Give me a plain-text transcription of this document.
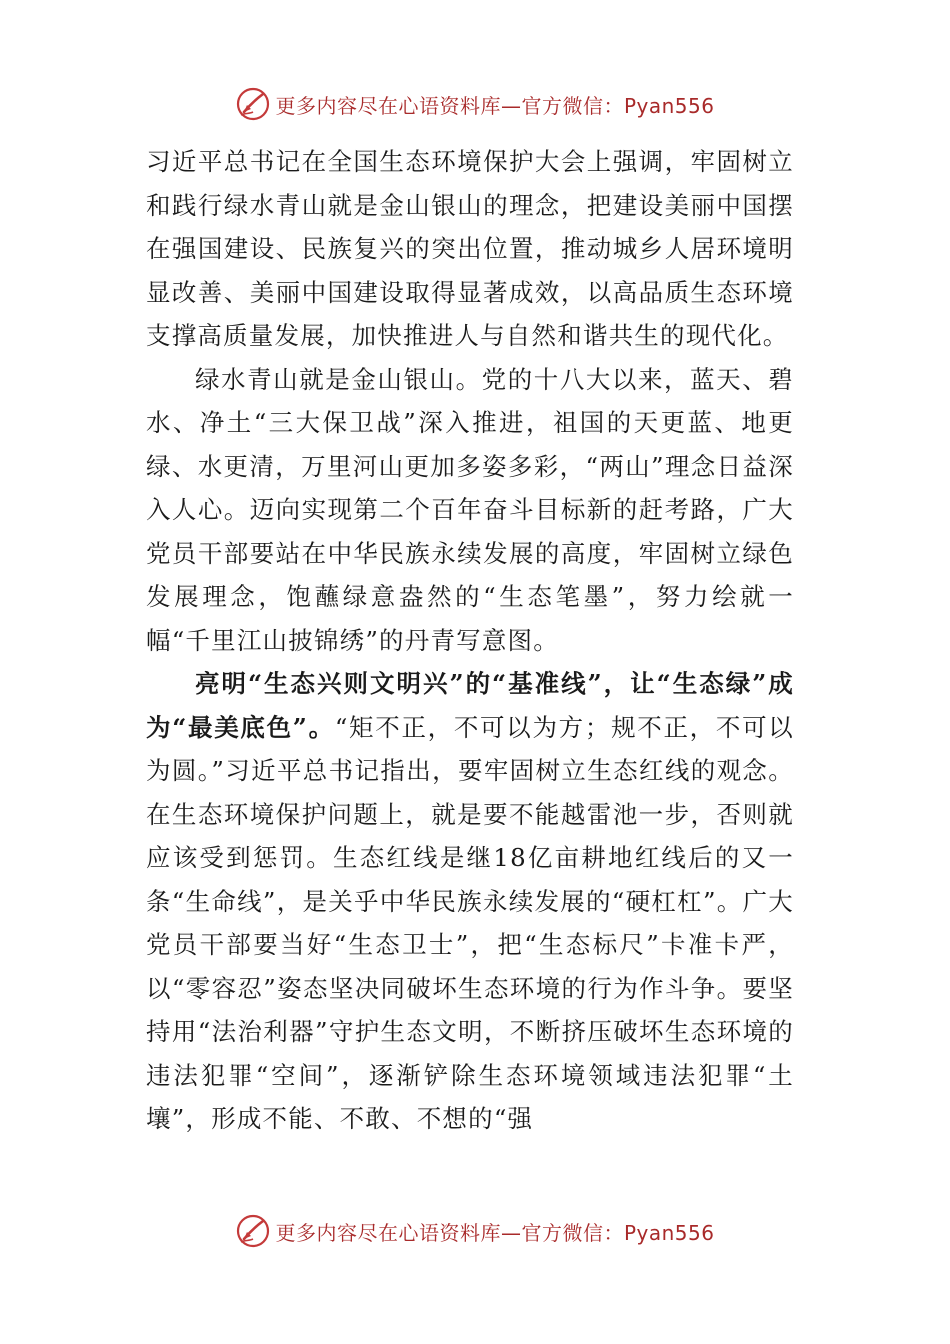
更多内容尽在心语资料库—官方微信：Pyan556

习近平总书记在全国生态环境保护大会上强调，牢固树立和践行绿水青山就是金山银山的理念，把建设美丽中国摆在强国建设、民族复兴的突出位置，推动城乡人居环境明显改善、美丽中国建设取得显著成效，以高品质生态环境支撑高质量发展，加快推进人与自然和谐共生的现代化。

绿水青山就是金山银山。党的十八大以来，蓝天、碧水、净土“三大保卫战”深入推进，祖国的天更蓝、地更绿、水更清，万里河山更加多姿多彩，“两山”理念日益深入人心。迈向实现第二个百年奋斗目标新的赶考路，广大党员干部要站在中华民族永续发展的高度，牢固树立绿色发展理念，饱蘸绿意盎然的“生态笔墨”，努力绘就一幅“千里江山披锦绣”的丹青写意图。

亮明“生态兴则文明兴”的“基准线”，让“生态绿”成为“最美底色”。“矩不正，不可以为方；规不正，不可以为圆。”习近平总书记指出，要牢固树立生态红线的观念。在生态环境保护问题上，就是要不能越雷池一步，否则就应该受到惩罚。生态红线是继18亿亩耕地红线后的又一条“生命线”，是关乎中华民族永续发展的“硬杠杠”。广大党员干部要当好“生态卫士”，把“生态标尺”卡准卡严，以“零容忍”姿态坚决同破坏生态环境的行为作斗争。要坚持用“法治利器”守护生态文明，不断挤压破坏生态环境的违法犯罪“空间”，逐渐铲除生态环境领域违法犯罪“土壤”，形成不能、不敢、不想的“强

更多内容尽在心语资料库—官方微信：Pyan556
